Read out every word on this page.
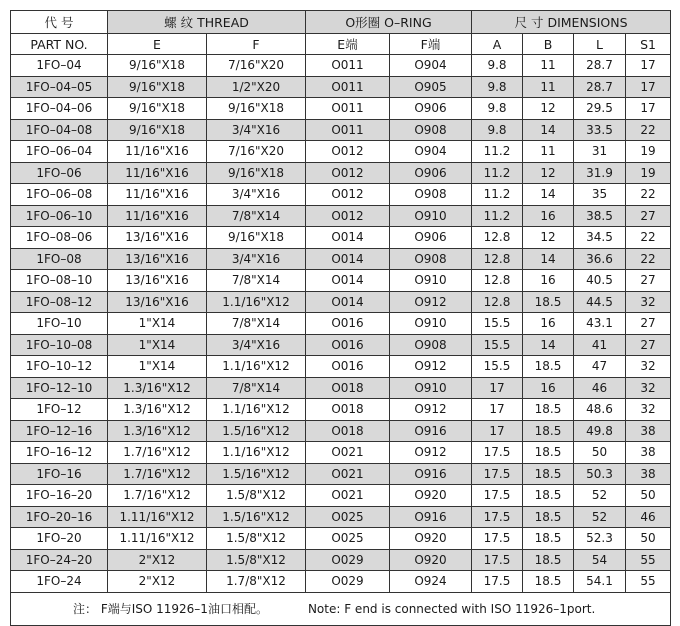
代 号	螺 纹 THREAD		O形圈 O–RING		尺 寸 DIMENSIONS			
PART NO.	E	F	E端	F端	A	B	L	S1
1FO–04	9/16"X18	7/16"X20	O011	O904	9.8	11	28.7	17
1FO–04–05	9/16"X18	1/2"X20	O011	O905	9.8	11	28.7	17
1FO–04–06	9/16"X18	9/16"X18	O011	O906	9.8	12	29.5	17
1FO–04–08	9/16"X18	3/4"X16	O011	O908	9.8	14	33.5	22
1FO–06–04	11/16"X16	7/16"X20	O012	O904	11.2	11	31	19
1FO–06	11/16"X16	9/16"X18	O012	O906	11.2	12	31.9	19
1FO–06–08	11/16"X16	3/4"X16	O012	O908	11.2	14	35	22
1FO–06–10	11/16"X16	7/8"X14	O012	O910	11.2	16	38.5	27
1FO–08–06	13/16"X16	9/16"X18	O014	O906	12.8	12	34.5	22
1FO–08	13/16"X16	3/4"X16	O014	O908	12.8	14	36.6	22
1FO–08–10	13/16"X16	7/8"X14	O014	O910	12.8	16	40.5	27
1FO–08–12	13/16"X16	1.1/16"X12	O014	O912	12.8	18.5	44.5	32
1FO–10	1"X14	7/8"X14	O016	O910	15.5	16	43.1	27
1FO–10–08	1"X14	3/4"X16	O016	O908	15.5	14	41	27
1FO–10–12	1"X14	1.1/16"X12	O016	O912	15.5	18.5	47	32
1FO–12–10	1.3/16"X12	7/8"X14	O018	O910	17	16	46	32
1FO–12	1.3/16"X12	1.1/16"X12	O018	O912	17	18.5	48.6	32
1FO–12–16	1.3/16"X12	1.5/16"X12	O018	O916	17	18.5	49.8	38
1FO–16–12	1.7/16"X12	1.1/16"X12	O021	O912	17.5	18.5	50	38
1FO–16	1.7/16"X12	1.5/16"X12	O021	O916	17.5	18.5	50.3	38
1FO–16–20	1.7/16"X12	1.5/8"X12	O021	O920	17.5	18.5	52	50
1FO–20–16	1.11/16"X12	1.5/16"X12	O025	O916	17.5	18.5	52	46
1FO–20	1.11/16"X12	1.5/8"X12	O025	O920	17.5	18.5	52.3	50
1FO–24–20	2"X12	1.5/8"X12	O029	O920	17.5	18.5	54	55
1FO–24	2"X12	1.7/8"X12	O029	O924	17.5	18.5	54.1	55
注： F端与ISO 11926–1油口相配。 Note: F end is connected with ISO 11926–1port.								
